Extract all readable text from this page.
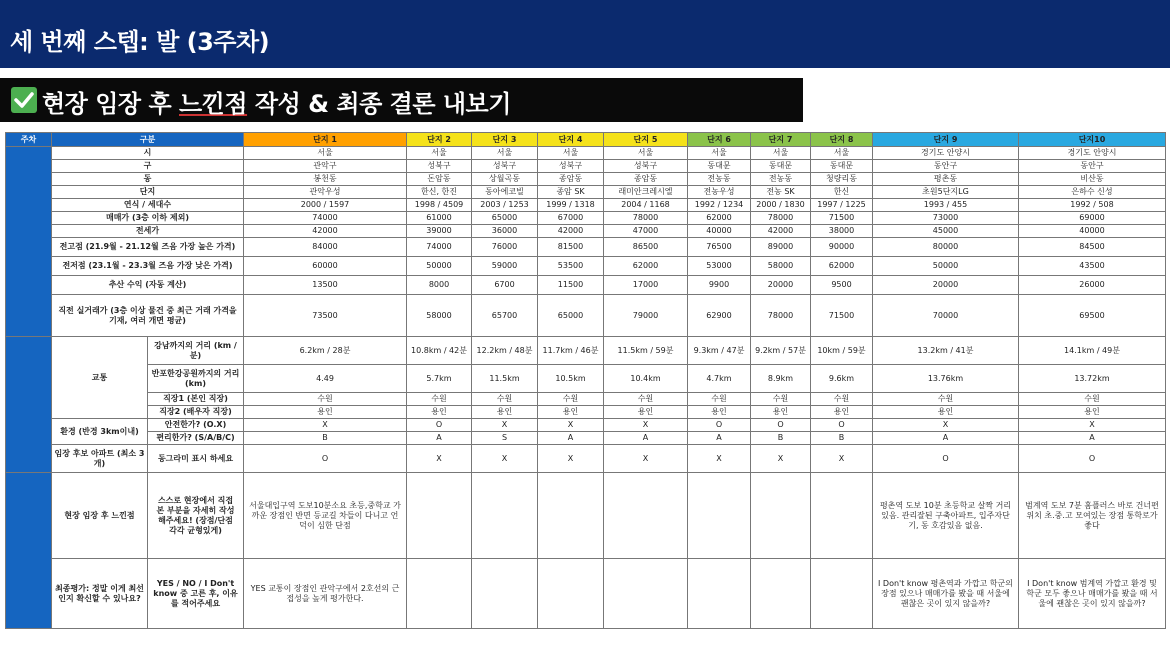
세 번째 스텝: 발 (3주차)
현장 임장 후 느낀점 작성 & 최종 결론 내보기
주차	구분		단지 1	단지 2	단지 3	단지 4	단지 5	단지 6	단지 7	단지 8	단지 9	단지10
	시		서울	서울	서울	서울	서울	서울	서울	서울	경기도 안양시	경기도 안양시
	구		관악구	성북구	성북구	성북구	성북구	동대문	동대문	동대문	동안구	동안구
	동		봉천동	돈암동	상월곡동	종암동	종암동	전농동	전농동	청량리동	평촌동	비산동
	단지		관악우성	한신, 한진	동아에코빌	종암 SK	래미안크레시엘	전농우성	전농 SK	한신	초원5단지LG	은하수 신성
	연식 / 세대수		2000 / 1597	1998 / 4509	2003 / 1253	1999 / 1318	2004 / 1168	1992 / 1234	2000 / 1830	1997 / 1225	1993 / 455	1992 / 508
	매매가 (3층 이하 제외)		74000	61000	65000	67000	78000	62000	78000	71500	73000	69000
	전세가		42000	39000	36000	42000	47000	40000	42000	38000	45000	40000
	전고점 (21.9월 - 21.12월 즈음 가장 높은 가격)		84000	74000	76000	81500	86500	76500	89000	90000	80000	84500
	전저점 (23.1월 - 23.3월 즈음 가장 낮은 가격)		60000	50000	59000	53500	62000	53000	58000	62000	50000	43500
	추산 수익 (자동 계산)		13500	8000	6700	11500	17000	9900	20000	9500	20000	26000
	직전 실거래가 (3층 이상 물건 중 최근 거래 가격을 기재, 여러 개면 평균)		73500	58000	65700	65000	79000	62900	78000	71500	70000	69500
	교통	강남까지의 거리 (km / 분)	6.2km / 28분	10.8km / 42분	12.2km / 48분	11.7km / 46분	11.5km / 59분	9.3km / 47분	9.2km / 57분	10km / 59분	13.2km / 41분	14.1km / 49분
		반포한강공원까지의 거리 (km)	4.49	5.7km	11.5km	10.5km	10.4km	4.7km	8.9km	9.6km	13.76km	13.72km
		직장1 (본인 직장)	수원	수원	수원	수원	수원	수원	수원	수원	수원	수원
		직장2 (배우자 직장)	용인	용인	용인	용인	용인	용인	용인	용인	용인	용인
	환경 (반경 3km이내)	안전한가? (O.X)	X	O	X	X	X	O	O	O	X	X
		편리한가? (S/A/B/C)	B	A	S	A	A	A	B	B	A	A
	임장 후보 아파트 (최소 3개)	동그라미 표시 하세요	O	X	X	X	X	X	X	X	O	O
	현장 임장 후 느낀점	스스로 현장에서 직접 본 부분을 자세히 작성해주세요! (장점/단점 각각 균형있게)	서울대입구역 도보10분소요 초등,중학교 가까운 장점인 반면 등교길 차들이 다니고 언덕이 심한 단점								평촌역 도보 10분 초등학교 살짝 거리있음. 관리잘된 구축아파트, 입주자단기, 동 호감있음 없음.	범계역 도보 7분 홈플러스 바로 건너편 위치 초.중.고 모여있는 장점 통학로가 좋다
	최종평가: 정말 이게 최선인지 확신할 수 있나요?	YES / NO / I Don't know 중 고른 후, 이유를 적어주세요	YES 교통이 장점인 관악구에서 2호선의 근접성을 높게 평가한다.								I Don't know 평촌역과 가깝고 학군의 장점 있으나 매매가를 봤을 때 서울에 괜찮은 곳이 있지 않을까?	I Don't know 범계역 가깝고 환경 및 학군 모두 좋으나 매매가를 봤을 때 서울에 괜찮은 곳이 있지 않을까?
